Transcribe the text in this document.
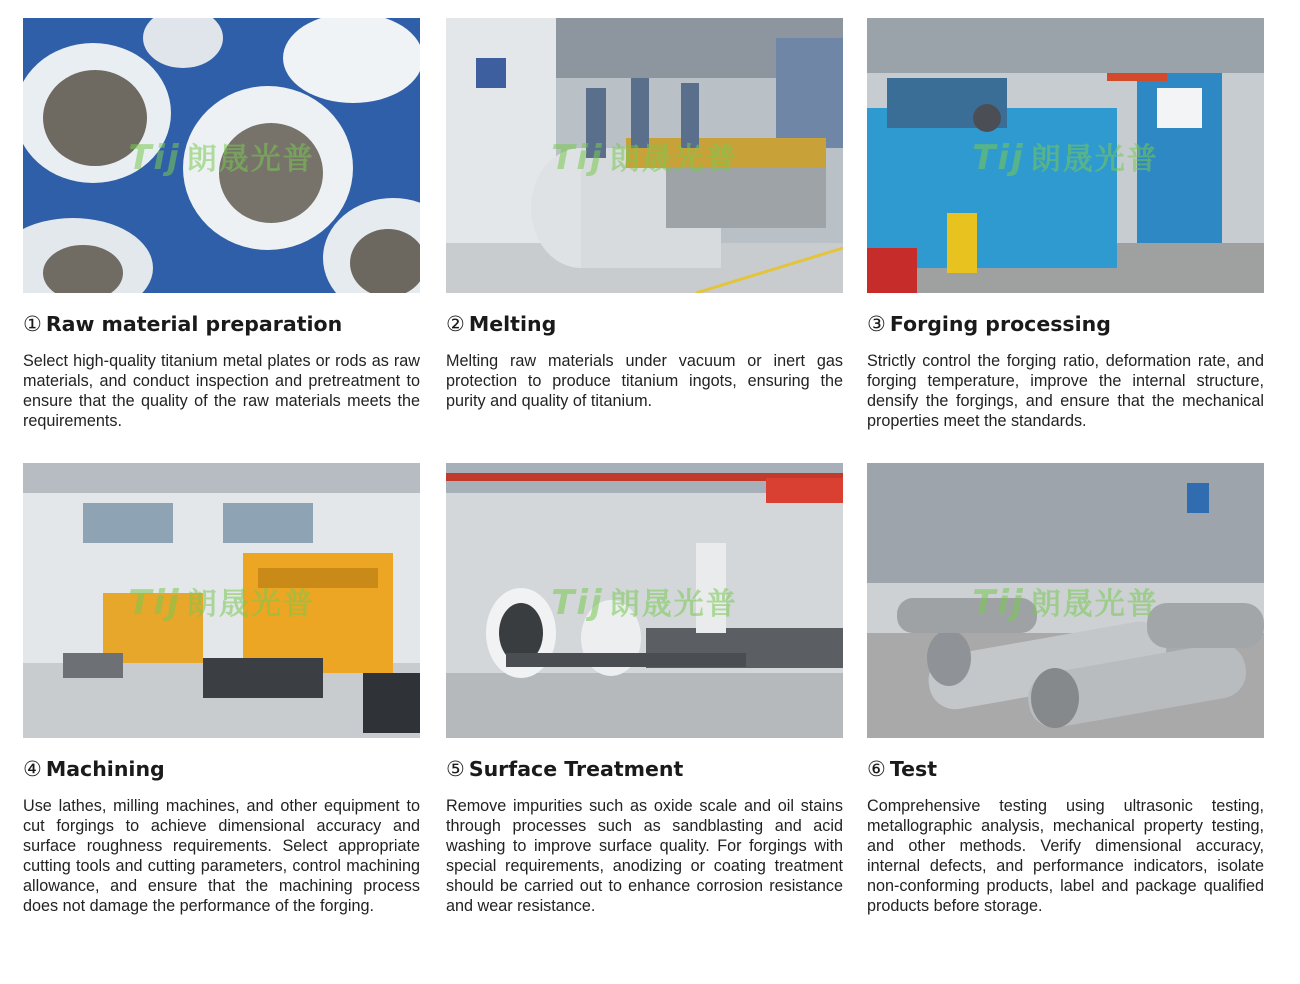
Tij 朗晟光普
① Raw material preparation

Select high-quality titanium metal plates or rods as raw materials, and conduct inspection and pretreatment to ensure that the quality of the raw materials meets the requirements.

Tij 朗晟光普
② Melting

Melting raw materials under vacuum or inert gas protection to produce titanium ingots, ensuring the purity and quality of titanium.

Tij 朗晟光普
③ Forging processing

Strictly control the forging ratio, deformation rate, and forging temperature, improve the internal structure, densify the forgings, and ensure that the mechanical properties meet the standards.

Tij 朗晟光普
④ Machining

Use lathes, milling machines, and other equipment to cut forgings to achieve dimensional accuracy and surface roughness requirements. Select appropriate cutting tools and cutting parameters, control machining allowance, and ensure that the machining process does not damage the performance of the forging.

Tij 朗晟光普
⑤ Surface Treatment

Remove impurities such as oxide scale and oil stains through processes such as sandblasting and acid washing to improve surface quality. For forgings with special requirements, anodizing or coating treatment should be carried out to enhance corrosion resistance and wear resistance.

Tij 朗晟光普
⑥ Test

Comprehensive testing using ultrasonic testing, metallographic analysis, mechanical property testing, and other methods. Verify dimensional accuracy, internal defects, and performance indicators, isolate non-conforming products, label and package qualified products before storage.
